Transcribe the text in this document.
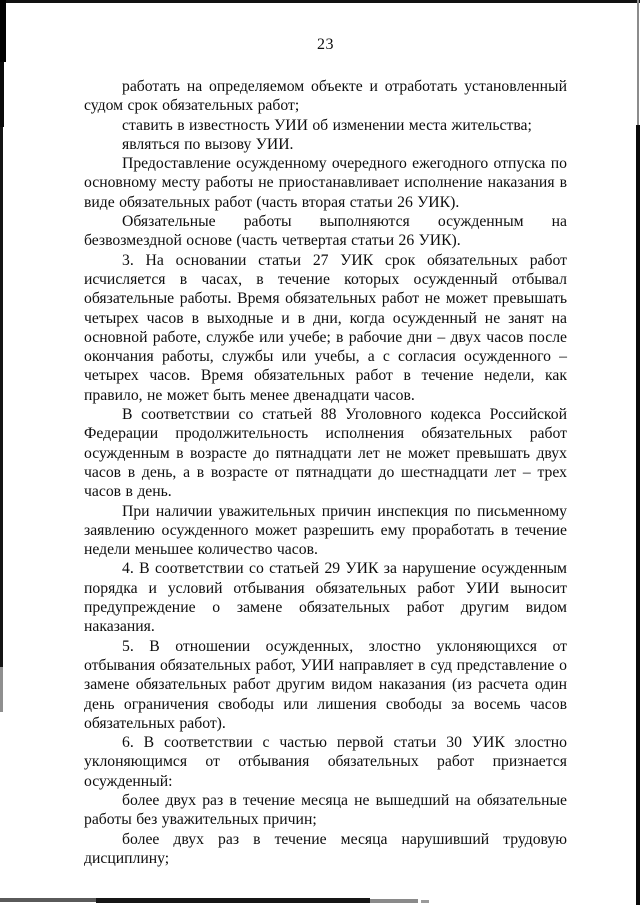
23

работать на определяемом объекте и отработать установленный судом срок обязательных работ;

ставить в известность УИИ об изменении места жительства;

являться по вызову УИИ.

Предоставление осужденному очередного ежегодного отпуска по основному месту работы не приостанавливает исполнение наказания в виде обязательных работ (часть вторая статьи 26 УИК).

Обязательные работы выполняются осужденным на безвозмездной основе (часть четвертая статьи 26 УИК).

3. На основании статьи 27 УИК срок обязательных работ исчисляется в часах, в течение которых осужденный отбывал обязательные работы. Время обязательных работ не может превышать четырех часов в выходные и в дни, когда осужденный не занят на основной работе, службе или учебе; в рабочие дни – двух часов после окончания работы, службы или учебы, а с согласия осужденного – четырех часов. Время обязательных работ в течение недели, как правило, не может быть менее двенадцати часов.

В соответствии со статьей 88 Уголовного кодекса Российской Федерации продолжительность исполнения обязательных работ осужденным в возрасте до пятнадцати лет не может превышать двух часов в день, а в возрасте от пятнадцати до шестнадцати лет – трех часов в день.

При наличии уважительных причин инспекция по письменному заявлению осужденного может разрешить ему проработать в течение недели меньшее количество часов.

4. В соответствии со статьей 29 УИК за нарушение осужденным порядка и условий отбывания обязательных работ УИИ выносит предупреждение о замене обязательных работ другим видом наказания.

5. В отношении осужденных, злостно уклоняющихся от отбывания обязательных работ, УИИ направляет в суд представление о замене обязательных работ другим видом наказания (из расчета один день ограничения свободы или лишения свободы за восемь часов обязательных работ).

6. В соответствии с частью первой статьи 30 УИК злостно уклоняющимся от отбывания обязательных работ признается осужденный:

более двух раз в течение месяца не вышедший на обязательные работы без уважительных причин;

более двух раз в течение месяца нарушивший трудовую дисциплину;
